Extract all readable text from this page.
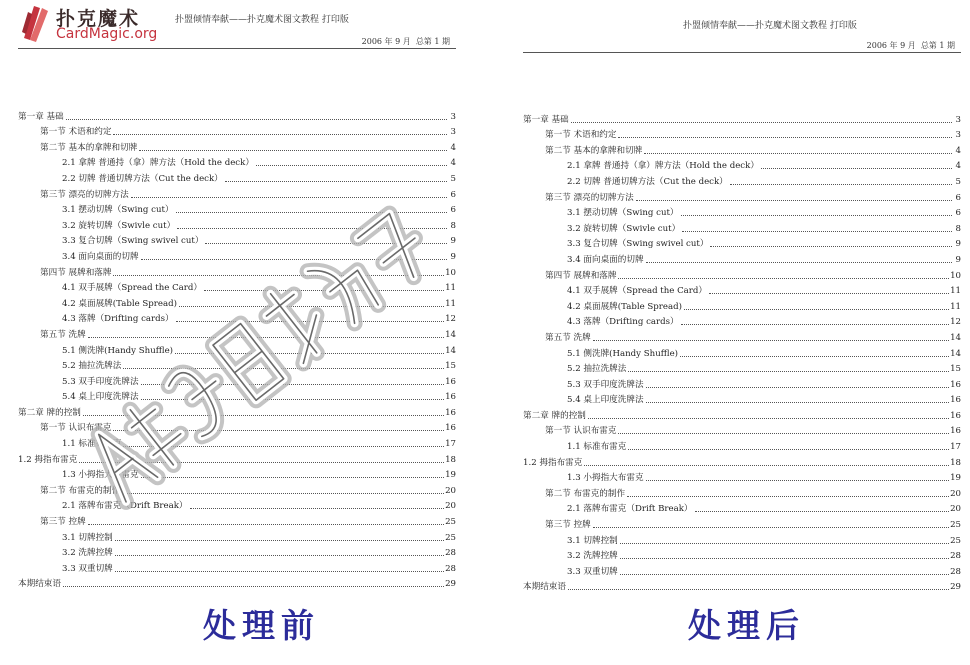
扑克魔术
CardMagic.org
扑盟倾情奉献——扑克魔术图文教程 打印版
2006 年 9 月 总第 1 期
第一章 基础	3
第一节 术语和约定	3
第二节 基本的拿牌和切牌	4
2.1 拿牌 普通持（拿）牌方法（Hold the deck）	4
2.2 切牌 普通切牌方法（Cut the deck）	5
第三节 漂亮的切牌方法	6
3.1 摆动切牌（Swing cut）	6
3.2 旋转切牌（Swivle cut）	8
3.3 复合切牌（Swing swivel cut）	9
3.4 面向桌面的切牌	9
第四节 展牌和落牌	10
4.1 双手展牌（Spread the Card）	11
4.2 桌面展牌(Table Spread)	11
4.3 落牌（Drifting cards）	12
第五节 洗牌	14
5.1 侧洗牌(Handy Shuffle)	14
5.2 抽拉洗牌法	15
5.3 双手印度洗牌法	16
5.4 桌上印度洗牌法	16
第二章 牌的控制	16
第一节 认识布雷克	16
1.1 标准布雷克	17
1.2 拇指布雷克	18
1.3 小拇指大布雷克	19
第二节 布雷克的制作	20
2.1 落牌布雷克（Drift Break）	20
第三节 控牌	25
3.1 切牌控制	25
3.2 洗牌控牌	28
3.3 双重切牌	28
本期结束语	29
扑盟倾情奉献——扑克魔术图文教程 打印版
2006 年 9 月 总第 1 期
第一章 基础	3
第一节 术语和约定	3
第二节 基本的拿牌和切牌	4
2.1 拿牌 普通持（拿）牌方法（Hold the deck）	4
2.2 切牌 普通切牌方法（Cut the deck）	5
第三节 漂亮的切牌方法	6
3.1 摆动切牌（Swing cut）	6
3.2 旋转切牌（Swivle cut）	8
3.3 复合切牌（Swing swivel cut）	9
3.4 面向桌面的切牌	9
第四节 展牌和落牌	10
4.1 双手展牌（Spread the Card）	11
4.2 桌面展牌(Table Spread)	11
4.3 落牌（Drifting cards）	12
第五节 洗牌	14
5.1 侧洗牌(Handy Shuffle)	14
5.2 抽拉洗牌法	15
5.3 双手印度洗牌法	16
5.4 桌上印度洗牌法	16
第二章 牌的控制	16
第一节 认识布雷克	16
1.1 标准布雷克	17
1.2 拇指布雷克	18
1.3 小拇指大布雷克	19
第二节 布雷克的制作	20
2.1 落牌布雷克（Drift Break）	20
第三节 控牌	25
3.1 切牌控制	25
3.2 洗牌控牌	28
3.3 双重切牌	28
本期结束语	29
处理前	处理后
